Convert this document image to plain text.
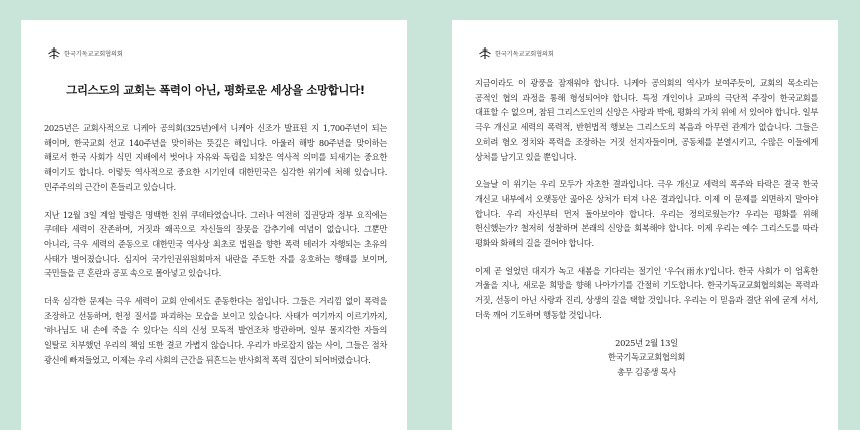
한국기독교교회협의회
그리스도의 교회는 폭력이 아닌, 평화로운 세상을 소망합니다!

2025년은 교회사적으로 니케아 공의회(325년)에서 니케아 신조가 발표된 지 1,700주년이 되는 해이며, 한국교회 선교 140주년을 맞이하는 뜻깊은 해입니다. 아울러 해방 80주년을 맞이하는 해로서 한국 사회가 식민 지배에서 벗어나 자유와 독립을 되찾은 역사적 의미를 되새기는 중요한 해이기도 합니다. 이렇듯 역사적으로 중요한 시기인데 대한민국은 심각한 위기에 처해 있습니다. 민주주의의 근간이 흔들리고 있습니다.

지난 12월 3일 계엄 발령은 명백한 친위 쿠데타였습니다. 그러나 여전히 집권당과 정부 요직에는 쿠데타 세력이 잔존하며, 거짓과 왜곡으로 자신들의 잘못을 감추기에 여념이 없습니다. 그뿐만 아니라, 극우 세력의 준동으로 대한민국 역사상 최초로 법원을 향한 폭력 테러가 자행되는 초유의 사태가 벌어졌습니다. 심지어 국가인권위원회마저 내란을 주도한 자를 옹호하는 행태를 보이며, 국민들을 큰 혼란과 공포 속으로 몰아넣고 있습니다.

더욱 심각한 문제는 극우 세력이 교회 안에서도 준동한다는 점입니다. 그들은 거리낌 없이 폭력을 조장하고 선동하며, 헌정 질서를 파괴하는 모습을 보이고 있습니다. 사태가 여기까지 이르기까지, '하나님도 내 손에 죽을 수 있다'는 식의 신성 모독적 발언조차 방관하며, 일부 몰지각한 자들의 일탈로 치부했던 우리의 책임 또한 결코 가볍지 않습니다. 우리가 바로잡지 않는 사이, 그들은 점차 광신에 빠져들었고, 이제는 우리 사회의 근간을 뒤흔드는 반사회적 폭력 집단이 되어버렸습니다.

한국기독교교회협의회

지금이라도 이 광풍을 잠재워야 합니다. 니케아 공의회의 역사가 보여주듯이, 교회의 목소리는 공적인 협의 과정을 통해 형성되어야 합니다. 특정 개인이나 교파의 극단적 주장이 한국교회를 대표할 수 없으며, 참된 그리스도인의 신앙은 사랑과 박애, 평화의 가치 위에 서 있어야 합니다. 일부 극우 개신교 세력의 폭력적, 반헌법적 행보는 그리스도의 복음과 아무런 관계가 없습니다. 그들은 오히려 혐오 정치와 폭력을 조장하는 거짓 선지자들이며, 공동체를 분열시키고, 수많은 이들에게 상처를 남기고 있을 뿐입니다.

오늘날 이 위기는 우리 모두가 자초한 결과입니다. 극우 개신교 세력의 폭주와 타락은 결국 한국 개신교 내부에서 오랫동안 곪아온 상처가 터져 나온 결과입니다. 이제 이 문제를 외면하지 말아야 합니다. 우리 자신부터 먼저 돌아보아야 합니다. 우리는 정의로웠는가? 우리는 평화를 위해 헌신했는가? 철저히 성찰하며 본래의 신앙을 회복해야 합니다. 이제 우리는 예수 그리스도를 따라 평화와 화해의 길을 걸어야 합니다.

이제 곧 얼었던 대지가 녹고 새봄을 기다리는 절기인 '우수(雨水)'입니다. 한국 사회가 이 엄혹한 겨울을 지나, 새로운 희망을 향해 나아가기를 간절히 기도합니다. 한국기독교교회협의회는 폭력과 거짓, 선동이 아닌 사랑과 진리, 상생의 길을 택할 것입니다. 우리는 이 믿음과 결단 위에 굳게 서서, 더욱 깨어 기도하며 행동할 것입니다.

2025년 2월 13일
한국기독교교회협의회
총무 김종생 목사
